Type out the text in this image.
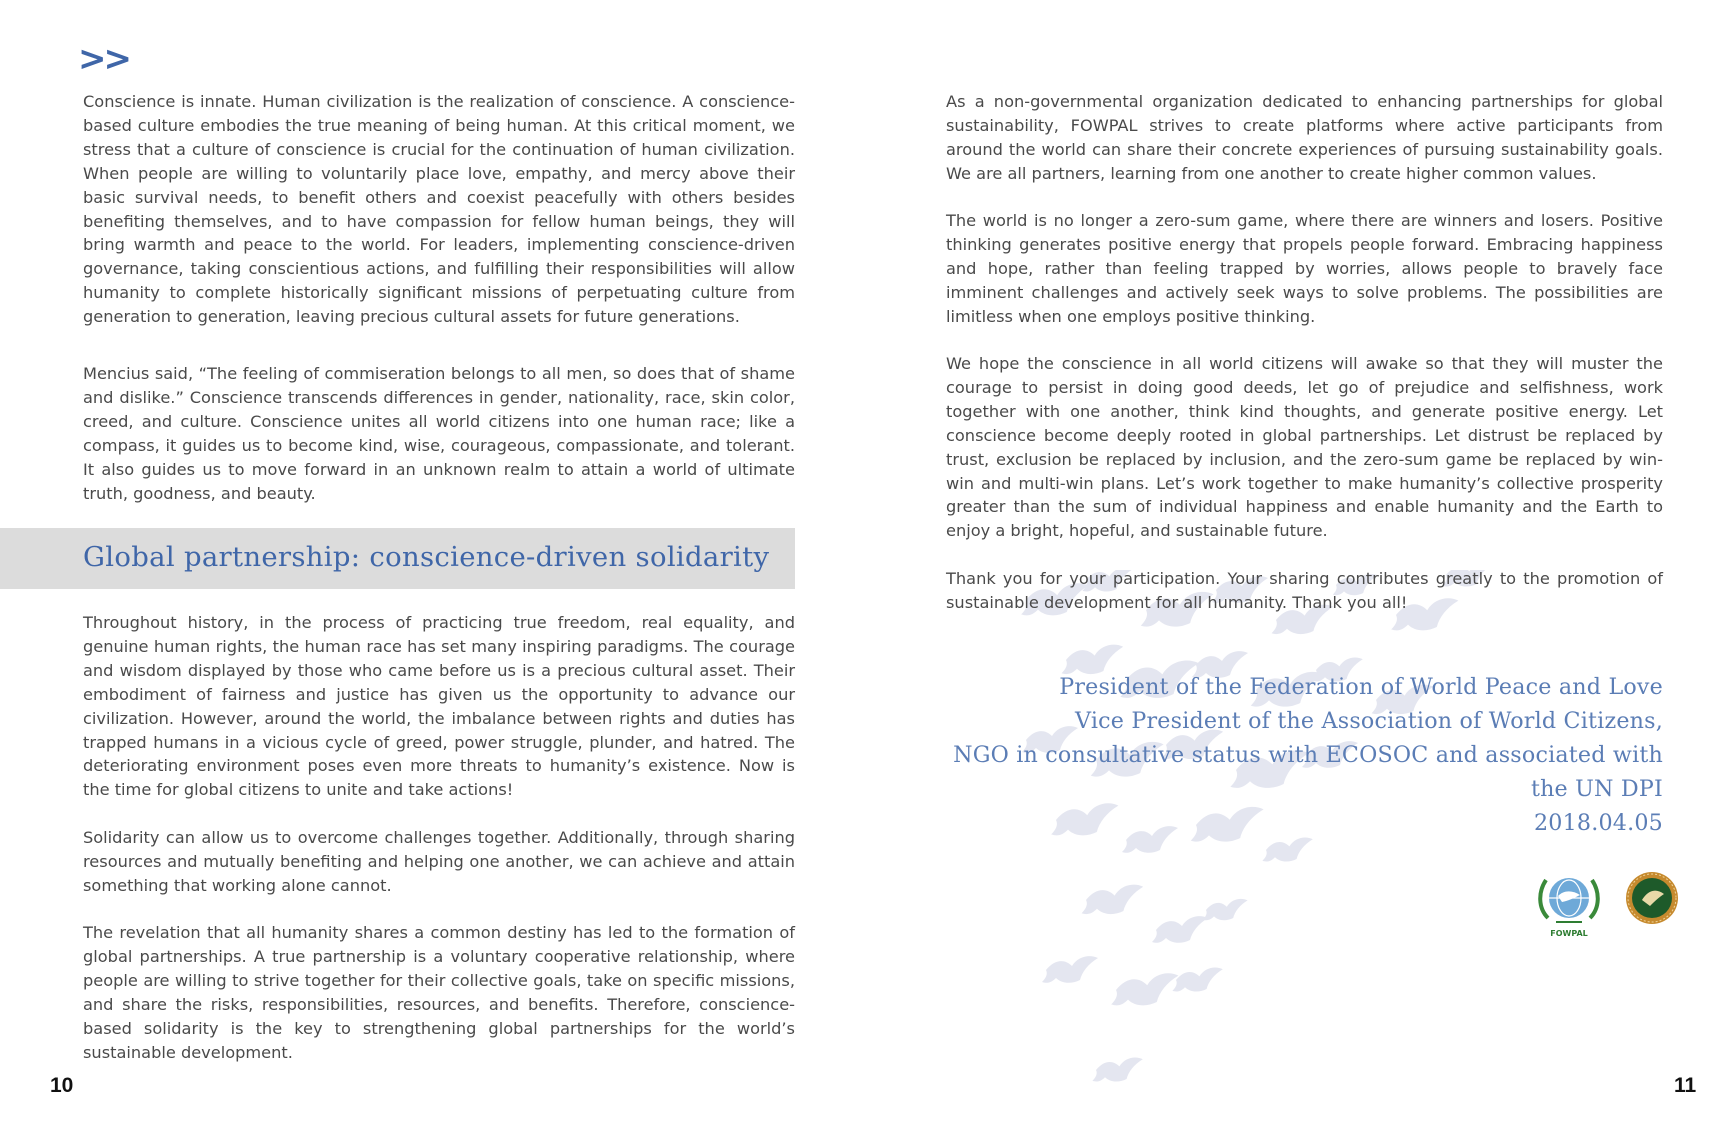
>>

Conscience is innate. Human civilization is the realization of conscience. A conscience-based culture embodies the true meaning of being human. At this critical moment, we stress that a culture of conscience is crucial for the continuation of human civilization. When people are willing to voluntarily place love, empathy, and mercy above their basic survival needs, to benefit others and coexist peacefully with others besides benefiting themselves, and to have compassion for fellow human beings, they will bring warmth and peace to the world. For leaders, implementing conscience-driven governance, taking conscientious actions, and fulfilling their responsibilities will allow humanity to complete historically significant missions of perpetuating culture from generation to generation, leaving precious cultural assets for future generations.

Mencius said, “The feeling of commiseration belongs to all men, so does that of shame and dislike.” Conscience transcends differences in gender, nationality, race, skin color, creed, and culture. Conscience unites all world citizens into one human race; like a compass, it guides us to become kind, wise, courageous, compassionate, and tolerant. It also guides us to move forward in an unknown realm to attain a world of ultimate truth, goodness, and beauty.

Global partnership: conscience-driven solidarity

Throughout history, in the process of practicing true freedom, real equality, and genuine human rights, the human race has set many inspiring paradigms. The courage and wisdom displayed by those who came before us is a precious cultural asset. Their embodiment of fairness and justice has given us the opportunity to advance our civilization. However, around the world, the imbalance between rights and duties has trapped humans in a vicious cycle of greed, power struggle, plunder, and hatred. The deteriorating environment poses even more threats to humanity’s existence. Now is the time for global citizens to unite and take actions!

Solidarity can allow us to overcome challenges together. Additionally, through sharing resources and mutually benefiting and helping one another, we can achieve and attain something that working alone cannot.

The revelation that all humanity shares a common destiny has led to the formation of global partnerships. A true partnership is a voluntary cooperative relationship, where people are willing to strive together for their collective goals, take on specific missions, and share the risks, responsibilities, resources, and benefits. Therefore, conscience-based solidarity is the key to strengthening global partnerships for the world’s sustainable development.

10

As a non-governmental organization dedicated to enhancing partnerships for global sustainability, FOWPAL strives to create platforms where active participants from around the world can share their concrete experiences of pursuing sustainability goals. We are all partners, learning from one another to create higher common values.

The world is no longer a zero-sum game, where there are winners and losers. Positive thinking generates positive energy that propels people forward. Embracing happiness and hope, rather than feeling trapped by worries, allows people to bravely face imminent challenges and actively seek ways to solve problems. The possibilities are limitless when one employs positive thinking.

We hope the conscience in all world citizens will awake so that they will muster the courage to persist in doing good deeds, let go of prejudice and selfishness, work together with one another, think kind thoughts, and generate positive energy. Let conscience become deeply rooted in global partnerships. Let distrust be replaced by trust, exclusion be replaced by inclusion, and the zero-sum game be replaced by win-win and multi-win plans. Let’s work together to make humanity’s collective prosperity greater than the sum of individual happiness and enable humanity and the Earth to enjoy a bright, hopeful, and sustainable future.

Thank you for your participation. Your sharing contributes greatly to the promotion of sustainable development for all humanity. Thank you all!

President of the Federation of World Peace and Love
Vice President of the Association of World Citizens,
NGO in consultative status with ECOSOC and associated with
the UN DPI
2018.04.05
FOWPAL
11
